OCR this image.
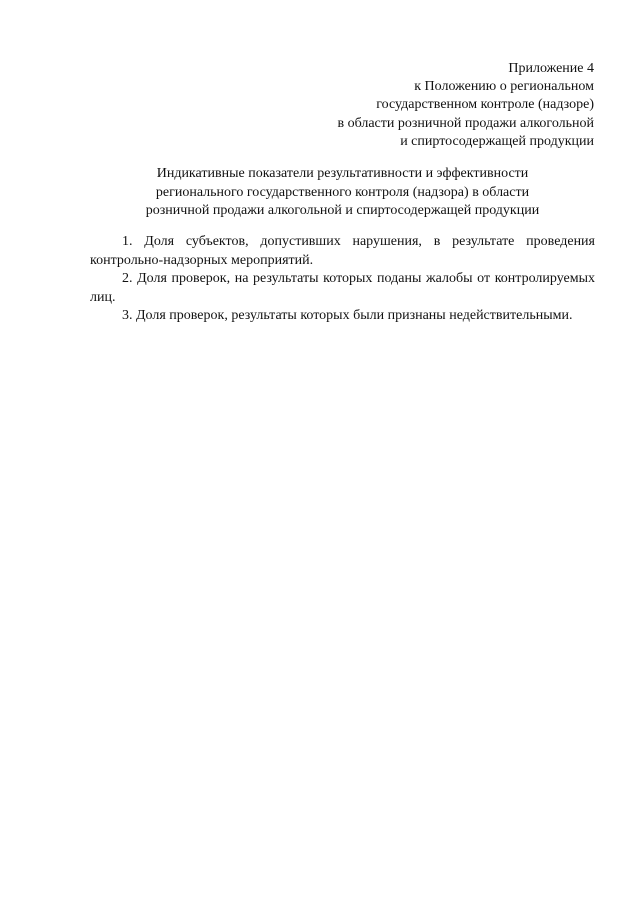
Приложение 4
к Положению о региональном
государственном контроле (надзоре)
в области розничной продажи алкогольной
и спиртосодержащей продукции
Индикативные показатели результативности и эффективности
регионального государственного контроля (надзора) в области
розничной продажи алкогольной и спиртосодержащей продукции

1. Доля субъектов, допустивших нарушения, в результате проведения контрольно-надзорных мероприятий.

2. Доля проверок, на результаты которых поданы жалобы от контролируемых лиц.

3. Доля проверок, результаты которых были признаны недействительными.
